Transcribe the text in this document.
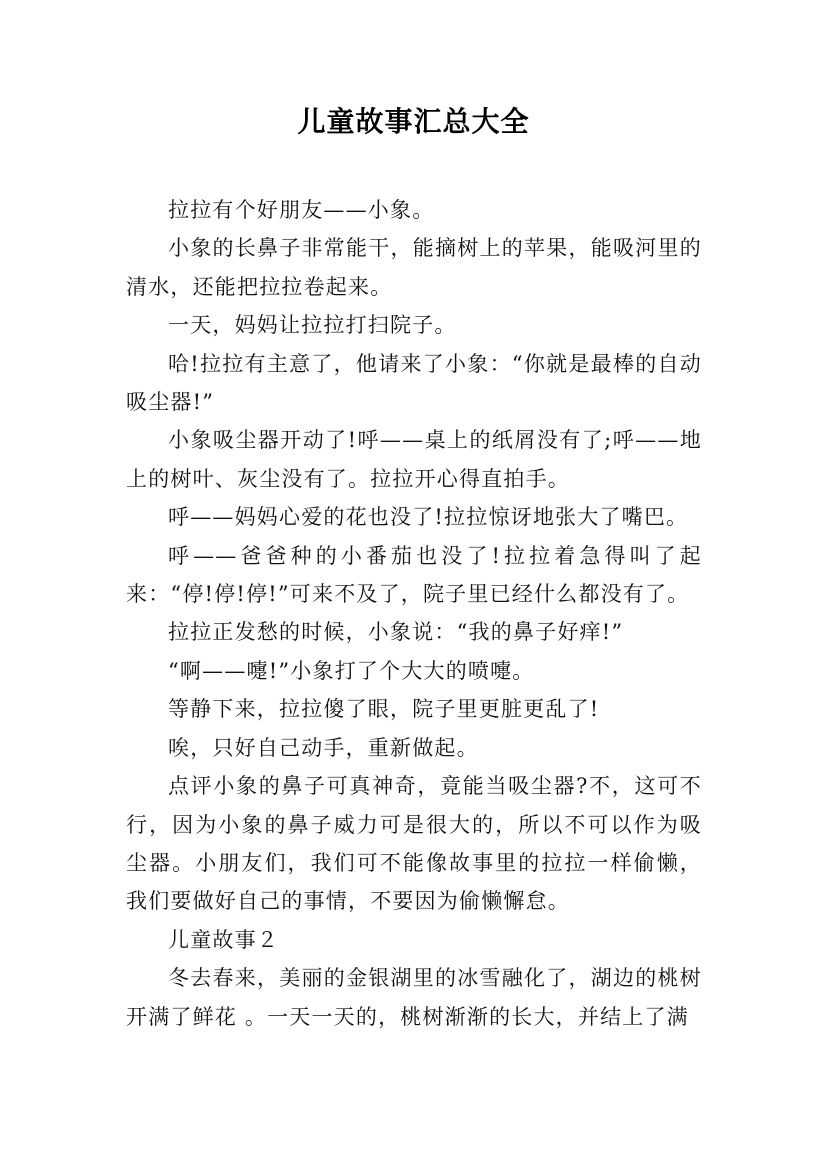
儿童故事汇总大全

拉拉有个好朋友——小象。

小象的长鼻子非常能干，能摘树上的苹果，能吸河里的清水，还能把拉拉卷起来。

一天，妈妈让拉拉打扫院子。

哈!拉拉有主意了，他请来了小象：“你就是最棒的自动吸尘器!”

小象吸尘器开动了!呼——桌上的纸屑没有了;呼——地上的树叶、灰尘没有了。拉拉开心得直拍手。

呼——妈妈心爱的花也没了!拉拉惊讶地张大了嘴巴。

呼——爸爸种的小番茄也没了!拉拉着急得叫了起来：“停!停!停!”可来不及了，院子里已经什么都没有了。

拉拉正发愁的时候，小象说：“我的鼻子好痒!”

“啊——嚏!”小象打了个大大的喷嚏。

等静下来，拉拉傻了眼，院子里更脏更乱了!

唉，只好自己动手，重新做起。

点评小象的鼻子可真神奇，竟能当吸尘器?不，这可不行，因为小象的鼻子威力可是很大的，所以不可以作为吸尘器。小朋友们，我们可不能像故事里的拉拉一样偷懒，我们要做好自己的事情，不要因为偷懒懈怠。

儿童故事２

冬去春来，美丽的金银湖里的冰雪融化了，湖边的桃树开满了鲜花 。一天一天的，桃树渐渐的长大，并结上了满
